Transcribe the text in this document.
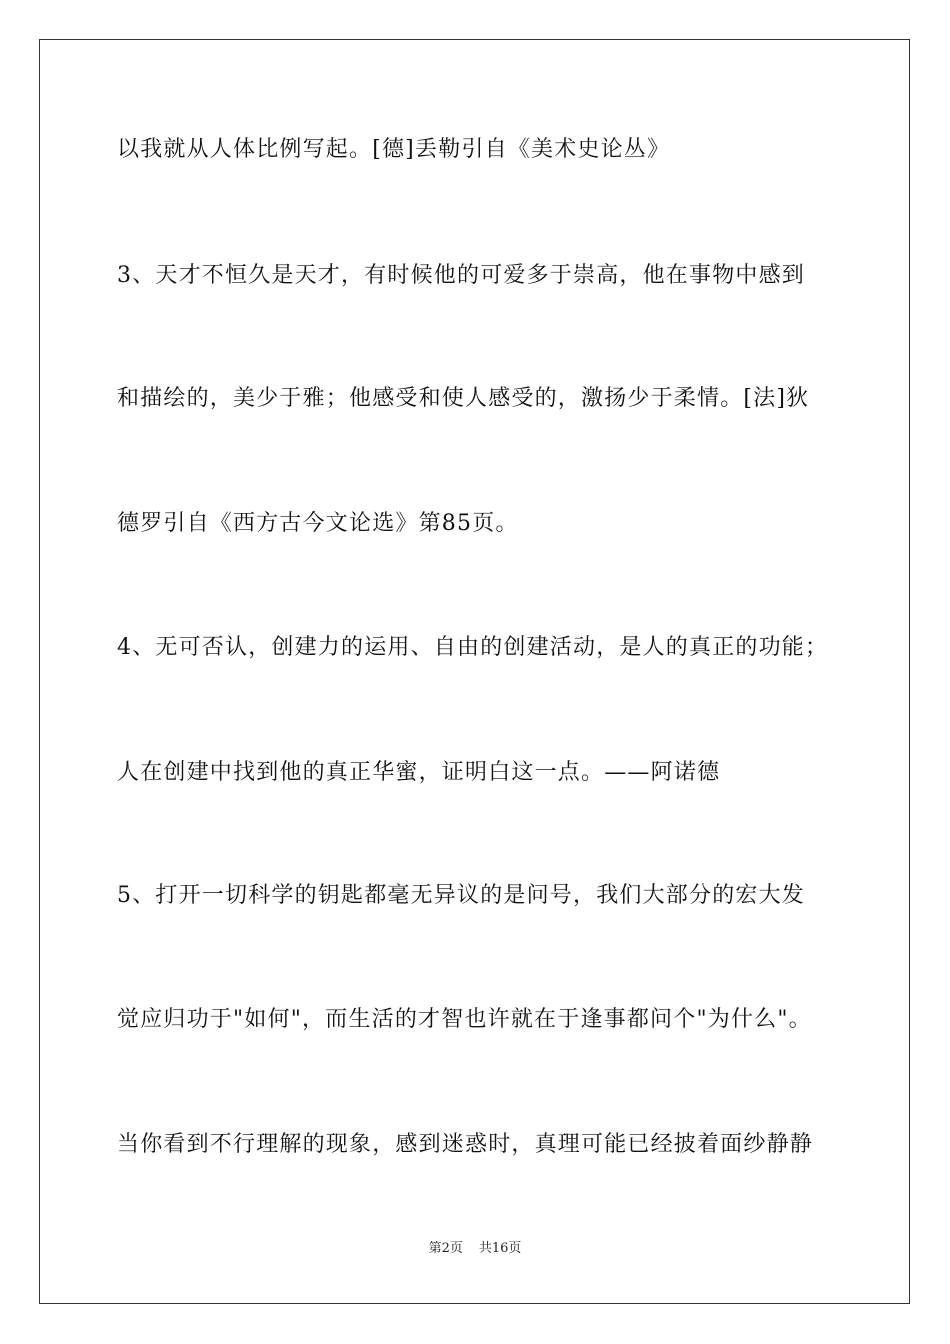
以我就从人体比例写起。[德]丢勒引自《美术史论丛》
3、天才不恒久是天才，有时候他的可爱多于崇高，他在事物中感到
和描绘的，美少于雅；他感受和使人感受的，激扬少于柔情。[法]狄
德罗引自《西方古今文论选》第85页。
4、无可否认，创建力的运用、自由的创建活动，是人的真正的功能；
人在创建中找到他的真正华蜜，证明白这一点。——阿诺德
5、打开一切科学的钥匙都毫无异议的是问号，我们大部分的宏大发
觉应归功于"如何"，而生活的才智也许就在于逢事都问个"为什么"。
当你看到不行理解的现象，感到迷惑时，真理可能已经披着面纱静静
第2页 共16页
